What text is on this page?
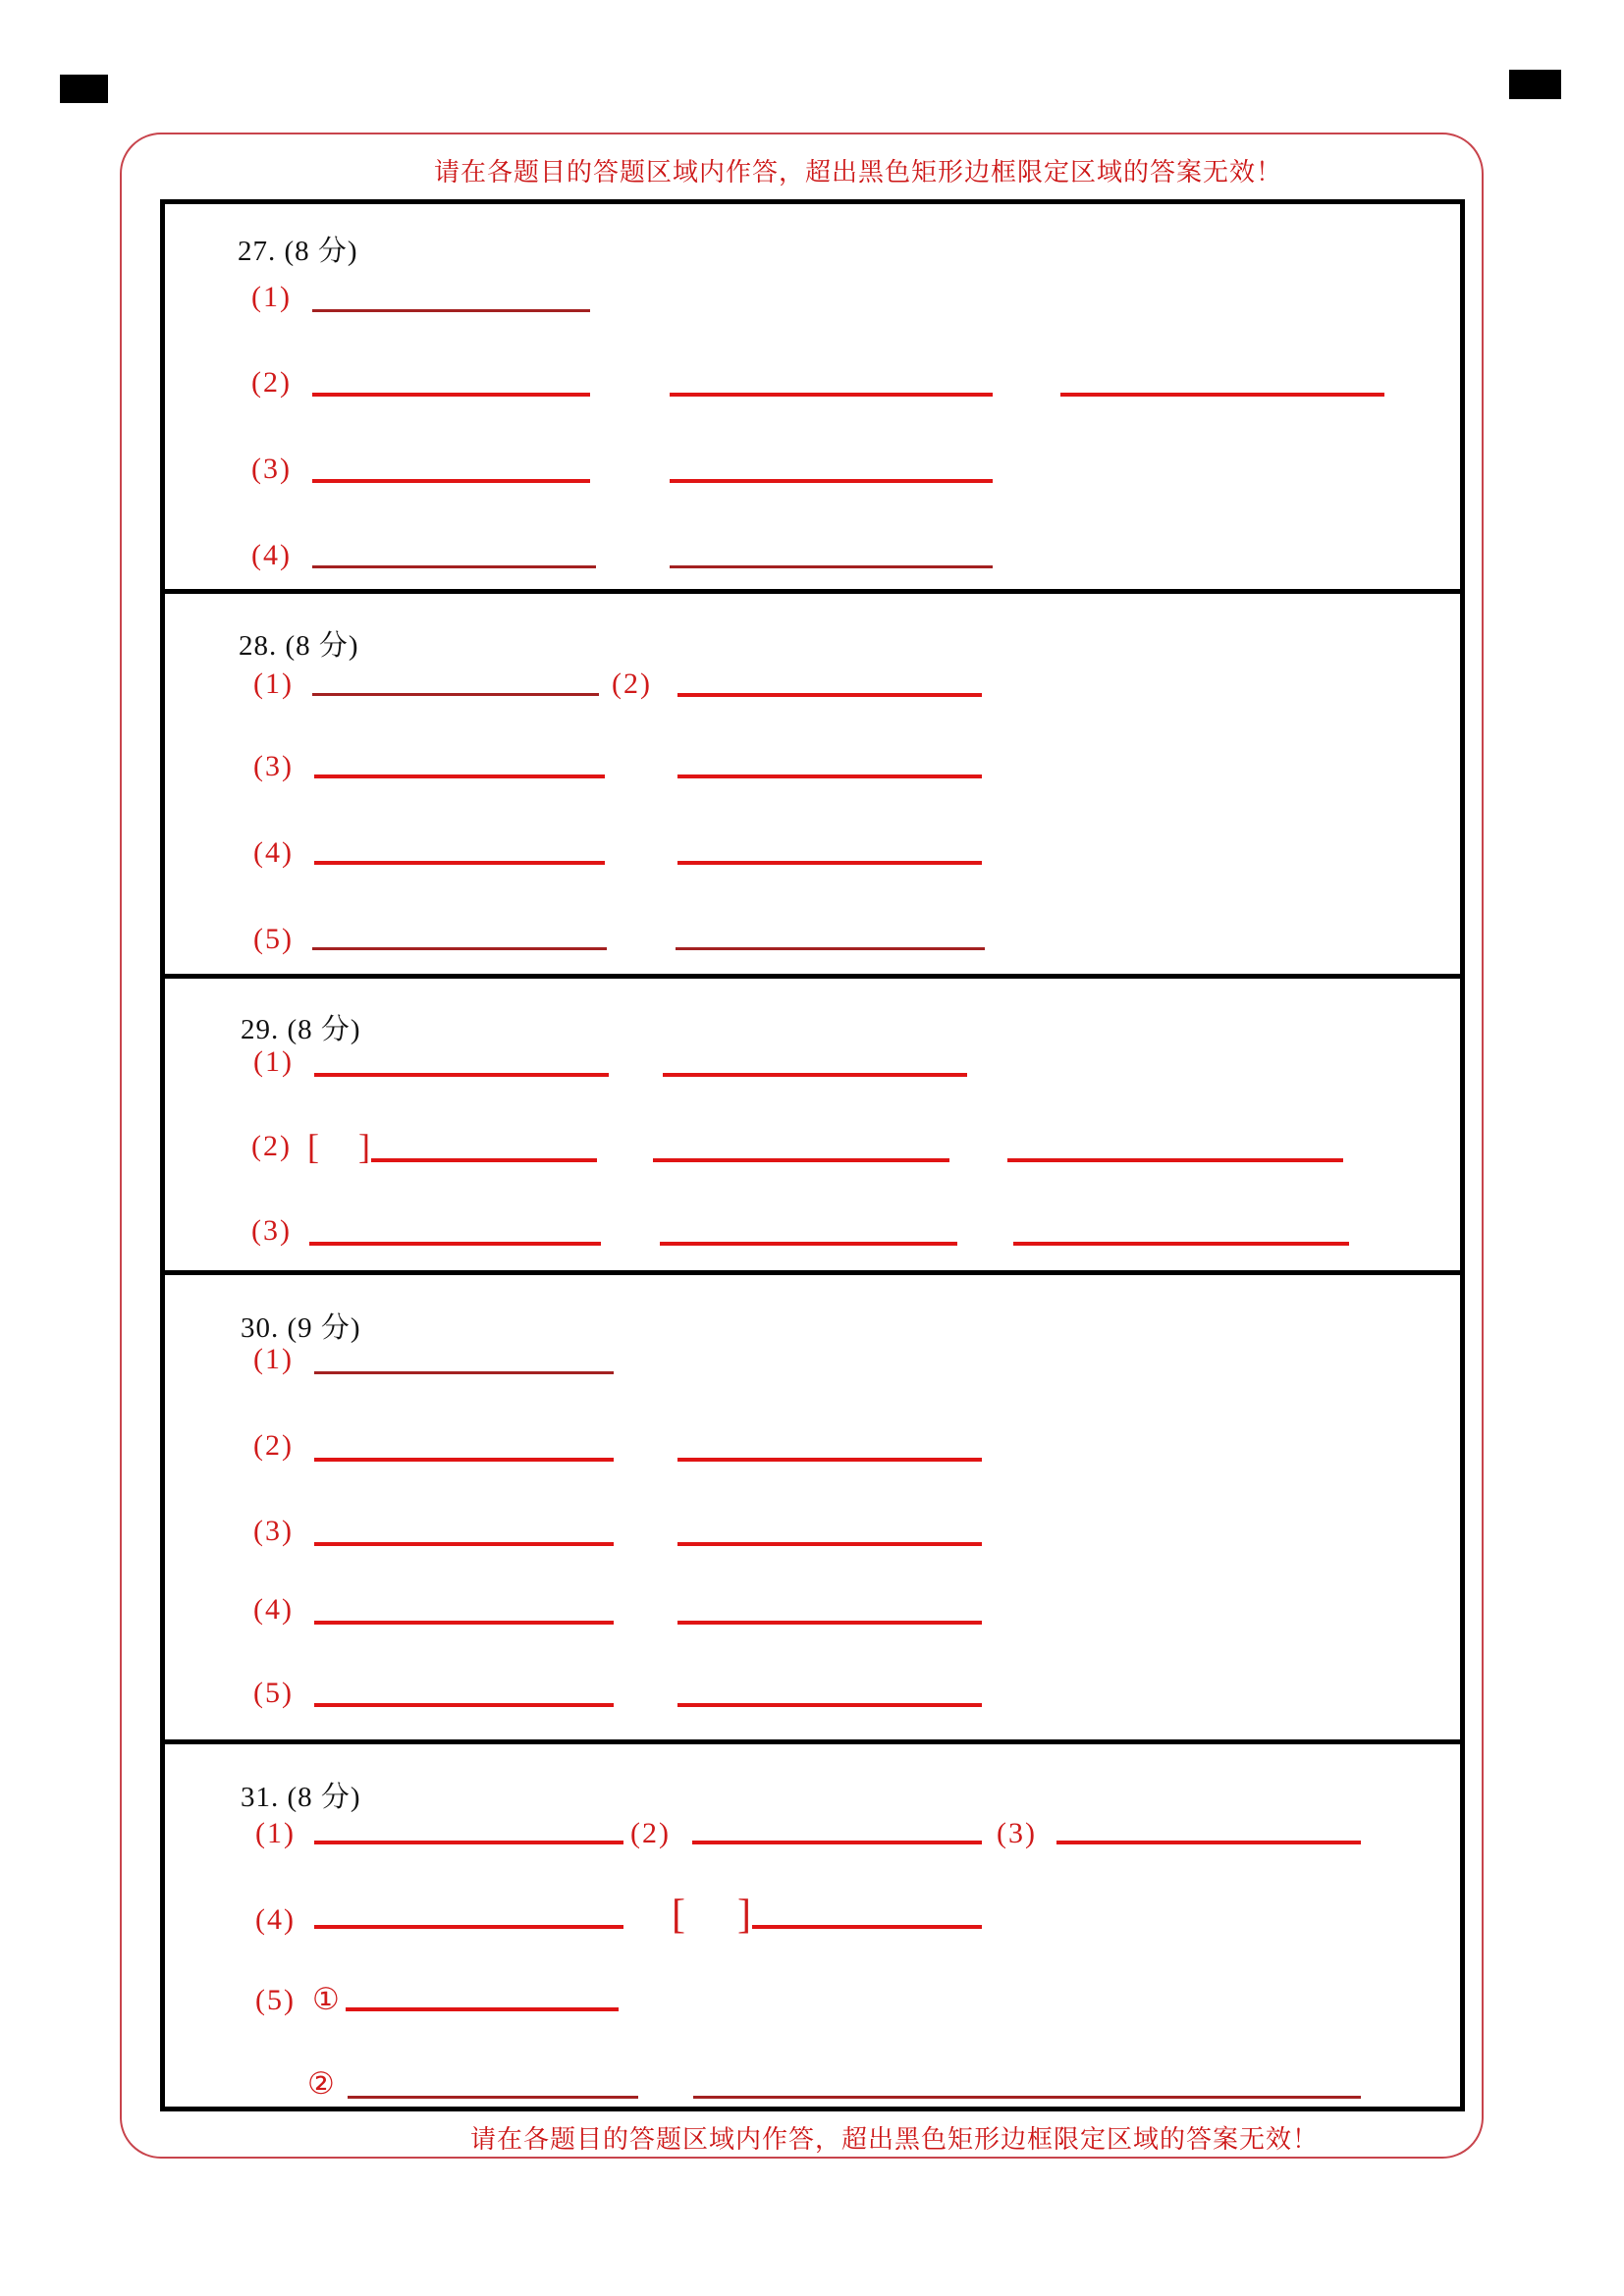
请在各题目的答题区域内作答，超出黑色矩形边框限定区域的答案无效！
请在各题目的答题区域内作答，超出黑色矩形边框限定区域的答案无效！
27. (8 分)
(1)
(2)
(3)
(4)
28. (8 分)
(1)	(2)
(3)
(4)
(5)
29. (8 分)
(1)
(2) [ ]
(3)
30. (9 分)
(1)
(2)
(3)
(4)
(5)
31. (8 分)
(1)	(2)	(3)
(4)	[ ]
(5) ①
②
